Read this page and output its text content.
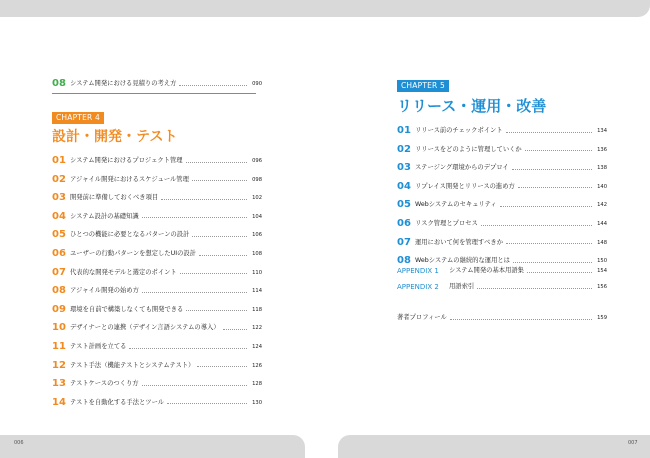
006	007
08 システム開発における見積りの考え方	090
CHAPTER 4
設計・開発・テスト
01 システム開発におけるプロジェクト管理	096
02 アジャイル開発におけるスケジュール管理	098
03 開発前に準備しておくべき項目	102
04 システム設計の基礎知識	104
05 ひとつの機能に必要となるパターンの設計	106
06 ユーザーの行動パターンを想定したUIの設計	108
07 代表的な開発モデルと選定のポイント	110
08 アジャイル開発の始め方	114
09 環境を自前で構築しなくても開発できる	118
10 デザイナーとの連携（デザイン言語システムの導入）	122
11 テスト計画を立てる	124
12 テスト手法（機能テストとシステムテスト）	126
13 テストケースのつくり方	128
14 テストを自動化する手法とツール	130
CHAPTER 5
リリース・運用・改善
01 リリース前のチェックポイント	134
02 リリースをどのように管理していくか	136
03 ステージング環境からのデプロイ	138
04 リプレイス開発とリリースの進め方	140
05 Webシステムのセキュリティ	142
06 リスク管理とプロセス	144
07 運用において何を管理すべきか	148
08 Webシステムの継続的な運用とは	150
APPENDIX 1	システム開発の基本用語集	154
APPENDIX 2	用語索引	156
著者プロフィール	159
